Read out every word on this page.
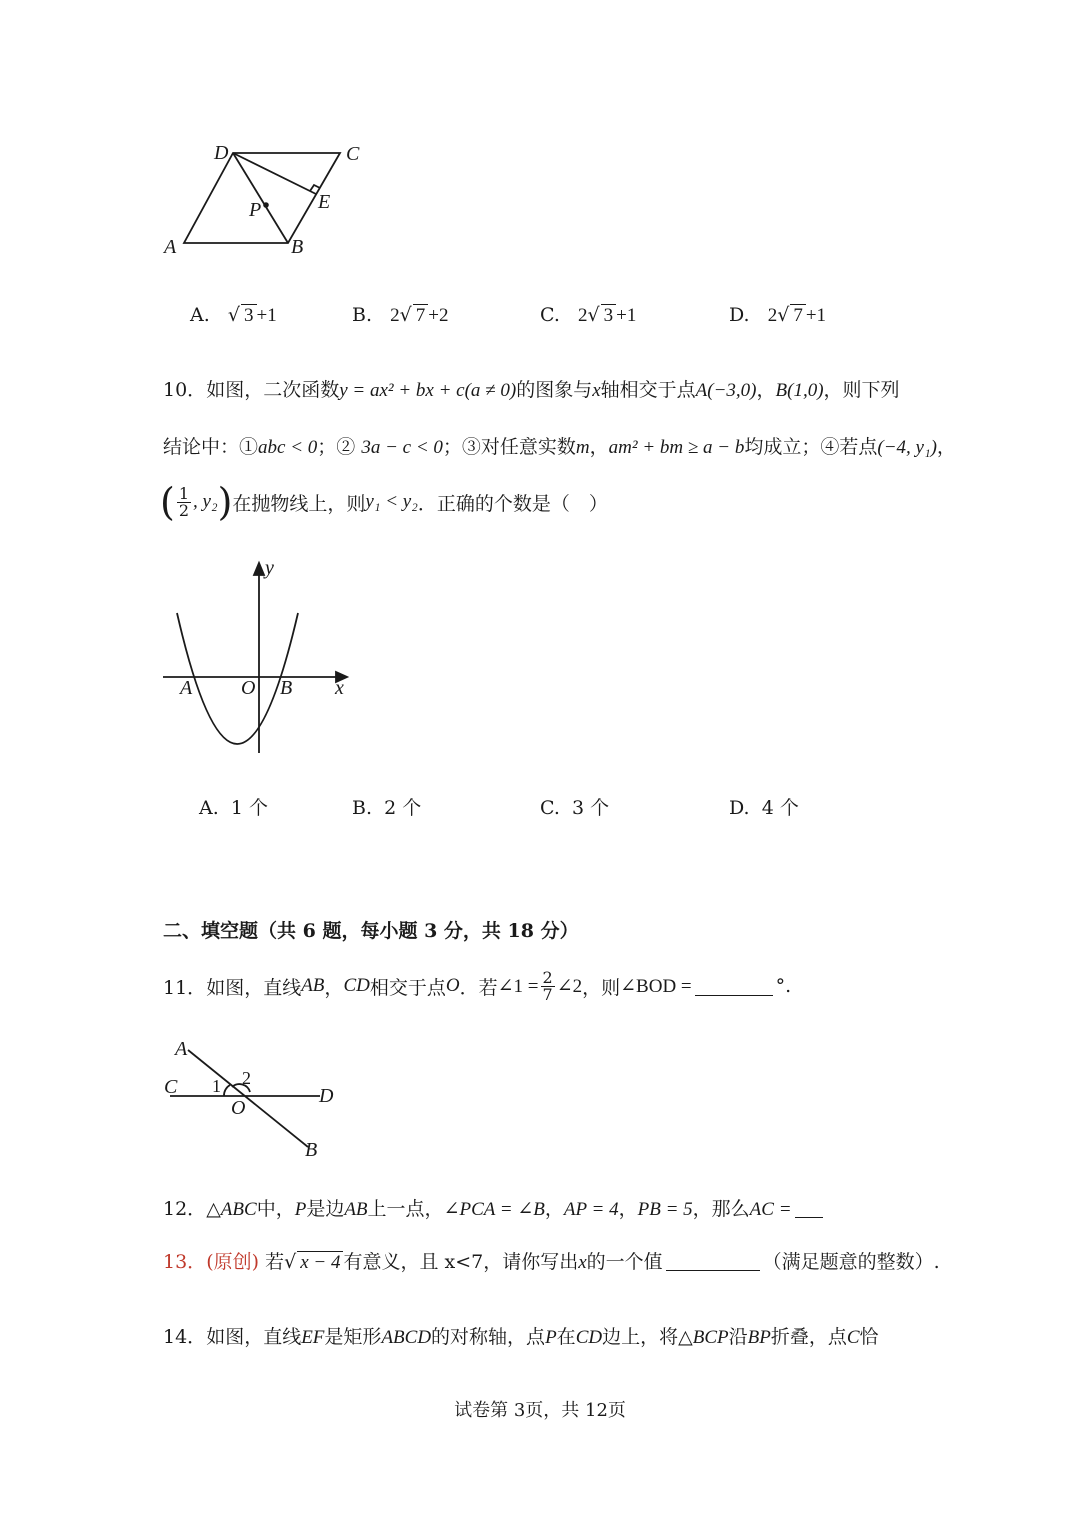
D	C
E
P
A	B
A. √ 3 +1	B. 2√ 7 +2	C. 2√ 3 +1	D. 2√ 7 +1
10．如图，二次函数y = ax² + bx + c(a ≠ 0)的图象与x轴相交于点A(−3,0)，B(1,0)，则下列
结论中：①abc < 0；② 3a − c < 0；③对任意实数m，am² + bm ≥ a − b均成立；④若点(−4, y₁)，
( $\frac{1}{2}$ , y₂ ) 在抛物线上，则 y₁ < y₂ ．正确的个数是（　）
y
x
A O B
A. 1 个	B. 2 个	C. 3 个	D. 4 个
二、填空题（共 6 题，每小题 3 分，共 18 分）
11． 如图，直线 AB ， CD 相交于点 O ．若 ∠1 = $\frac{2}{7}$ ∠2 ，则 ∠BOD =	°.
A
C 1 2
D
O
B
12．△ABC中，P是边AB上一点，∠PCA = ∠B，AP = 4，PB = 5，那么AC =
13．(原创) 若√ x − 4 有意义，且 x<7，请你写出x的一个值	（满足题意的整数）.
14．如图，直线EF是矩形ABCD的对称轴，点P在CD边上，将△BCP沿BP折叠，点C恰
试卷第 3页，共 12页
